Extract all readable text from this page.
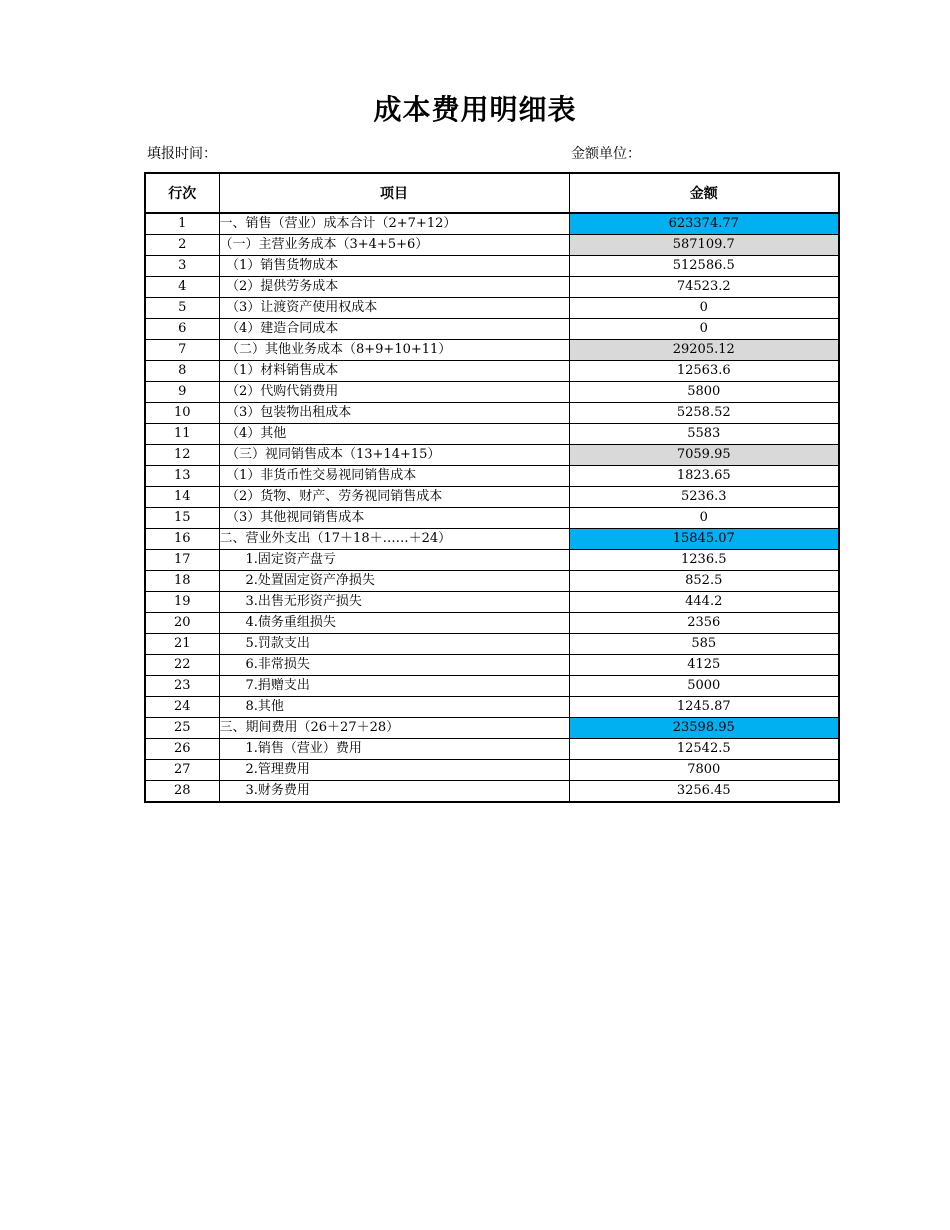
成本费用明细表
填报时间：	金额单位：
行次	项目	金额
1	一、销售（营业）成本合计（2+7+12）	623374.77
2	（一）主营业务成本（3+4+5+6）	587109.7
3	　（1）销售货物成本	512586.5
4	　（2）提供劳务成本	74523.2
5	　（3）让渡资产使用权成本	0
6	　（4）建造合同成本	0
7	　（二）其他业务成本（8+9+10+11）	29205.12
8	　（1）材料销售成本	12563.6
9	　（2）代购代销费用	5800
10	　（3）包装物出租成本	5258.52
11	　（4）其他	5583
12	　（三）视同销售成本（13+14+15）	7059.95
13	　（1）非货币性交易视同销售成本	1823.65
14	　（2）货物、财产、劳务视同销售成本	5236.3
15	　（3）其他视同销售成本	0
16	二、营业外支出（17＋18＋……＋24）	15845.07
17	　　1.固定资产盘亏	1236.5
18	　　2.处置固定资产净损失	852.5
19	　　3.出售无形资产损失	444.2
20	　　4.债务重组损失	2356
21	　　5.罚款支出	585
22	　　6.非常损失	4125
23	　　7.捐赠支出	5000
24	　　8.其他	1245.87
25	三、期间费用（26＋27＋28）	23598.95
26	　　1.销售（营业）费用	12542.5
27	　　2.管理费用	7800
28	　　3.财务费用	3256.45
